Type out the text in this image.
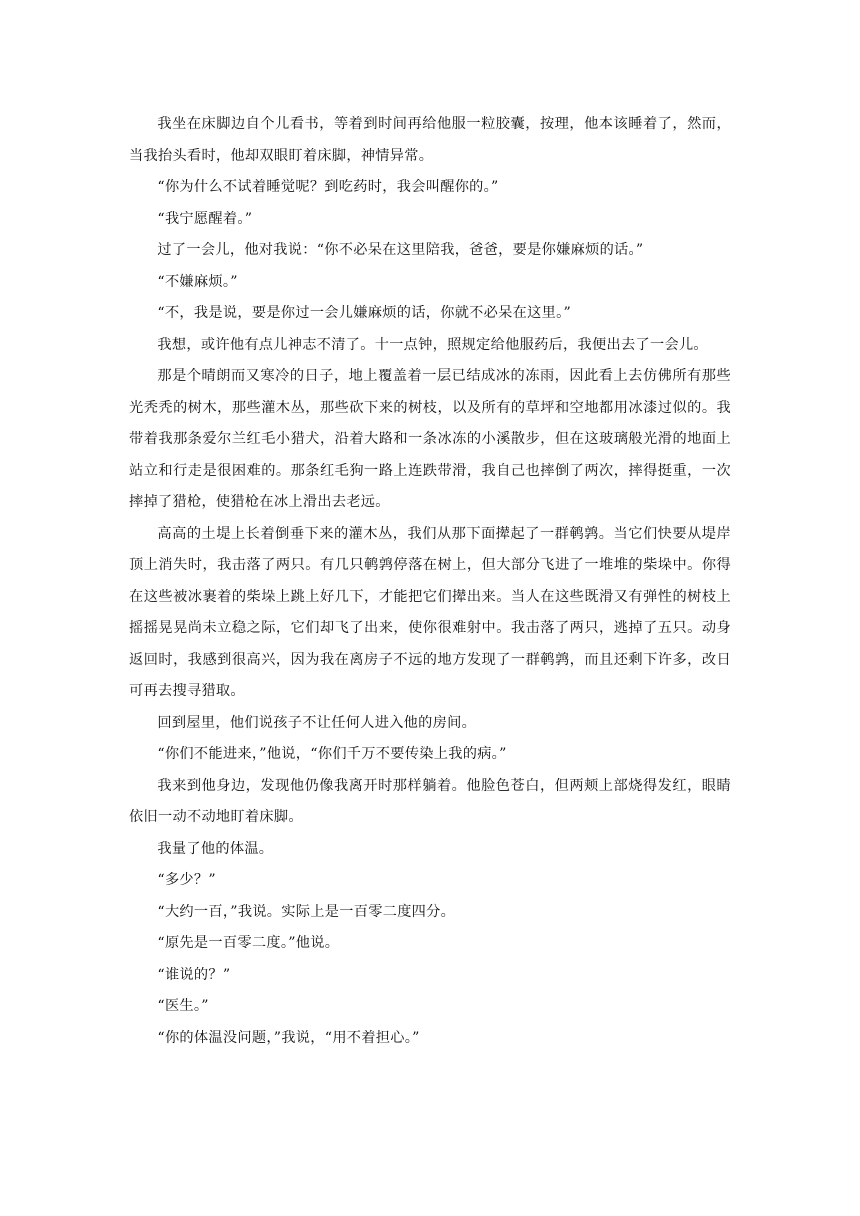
我坐在床脚边自个儿看书，等着到时间再给他服一粒胶囊，按理，他本该睡着了，然而，当我抬头看时，他却双眼盯着床脚，神情异常。

“你为什么不试着睡觉呢？到吃药时，我会叫醒你的。”

“我宁愿醒着。”

过了一会儿，他对我说：“你不必呆在这里陪我，爸爸，要是你嫌麻烦的话。”

“不嫌麻烦。”

“不，我是说，要是你过一会儿嫌麻烦的话，你就不必呆在这里。”

我想，或许他有点儿神志不清了。十一点钟，照规定给他服药后，我便出去了一会儿。

那是个晴朗而又寒冷的日子，地上覆盖着一层已结成冰的冻雨，因此看上去仿佛所有那些光秃秃的树木，那些灌木丛，那些砍下来的树枝，以及所有的草坪和空地都用冰漆过似的。我带着我那条爱尔兰红毛小猎犬，沿着大路和一条冰冻的小溪散步，但在这玻璃般光滑的地面上站立和行走是很困难的。那条红毛狗一路上连跌带滑，我自己也摔倒了两次，摔得挺重，一次摔掉了猎枪，使猎枪在冰上滑出去老远。

高高的土堤上长着倒垂下来的灌木丛，我们从那下面撵起了一群鹌鹑。当它们快要从堤岸顶上消失时，我击落了两只。有几只鹌鹑停落在树上，但大部分飞进了一堆堆的柴垛中。你得在这些被冰裹着的柴垛上跳上好几下，才能把它们撵出来。当人在这些既滑又有弹性的树枝上摇摇晃晃尚未立稳之际，它们却飞了出来，使你很难射中。我击落了两只，逃掉了五只。动身返回时，我感到很高兴，因为我在离房子不远的地方发现了一群鹌鹑，而且还剩下许多，改日可再去搜寻猎取。

回到屋里，他们说孩子不让任何人进入他的房间。

“你们不能进来，”他说，“你们千万不要传染上我的病。”

我来到他身边，发现他仍像我离开时那样躺着。他脸色苍白，但两颊上部烧得发红，眼睛依旧一动不动地盯着床脚。

我量了他的体温。

“多少？”

“大约一百，”我说。实际上是一百零二度四分。

“原先是一百零二度。”他说。

“谁说的？”

“医生。”

“你的体温没问题，”我说，“用不着担心。”
